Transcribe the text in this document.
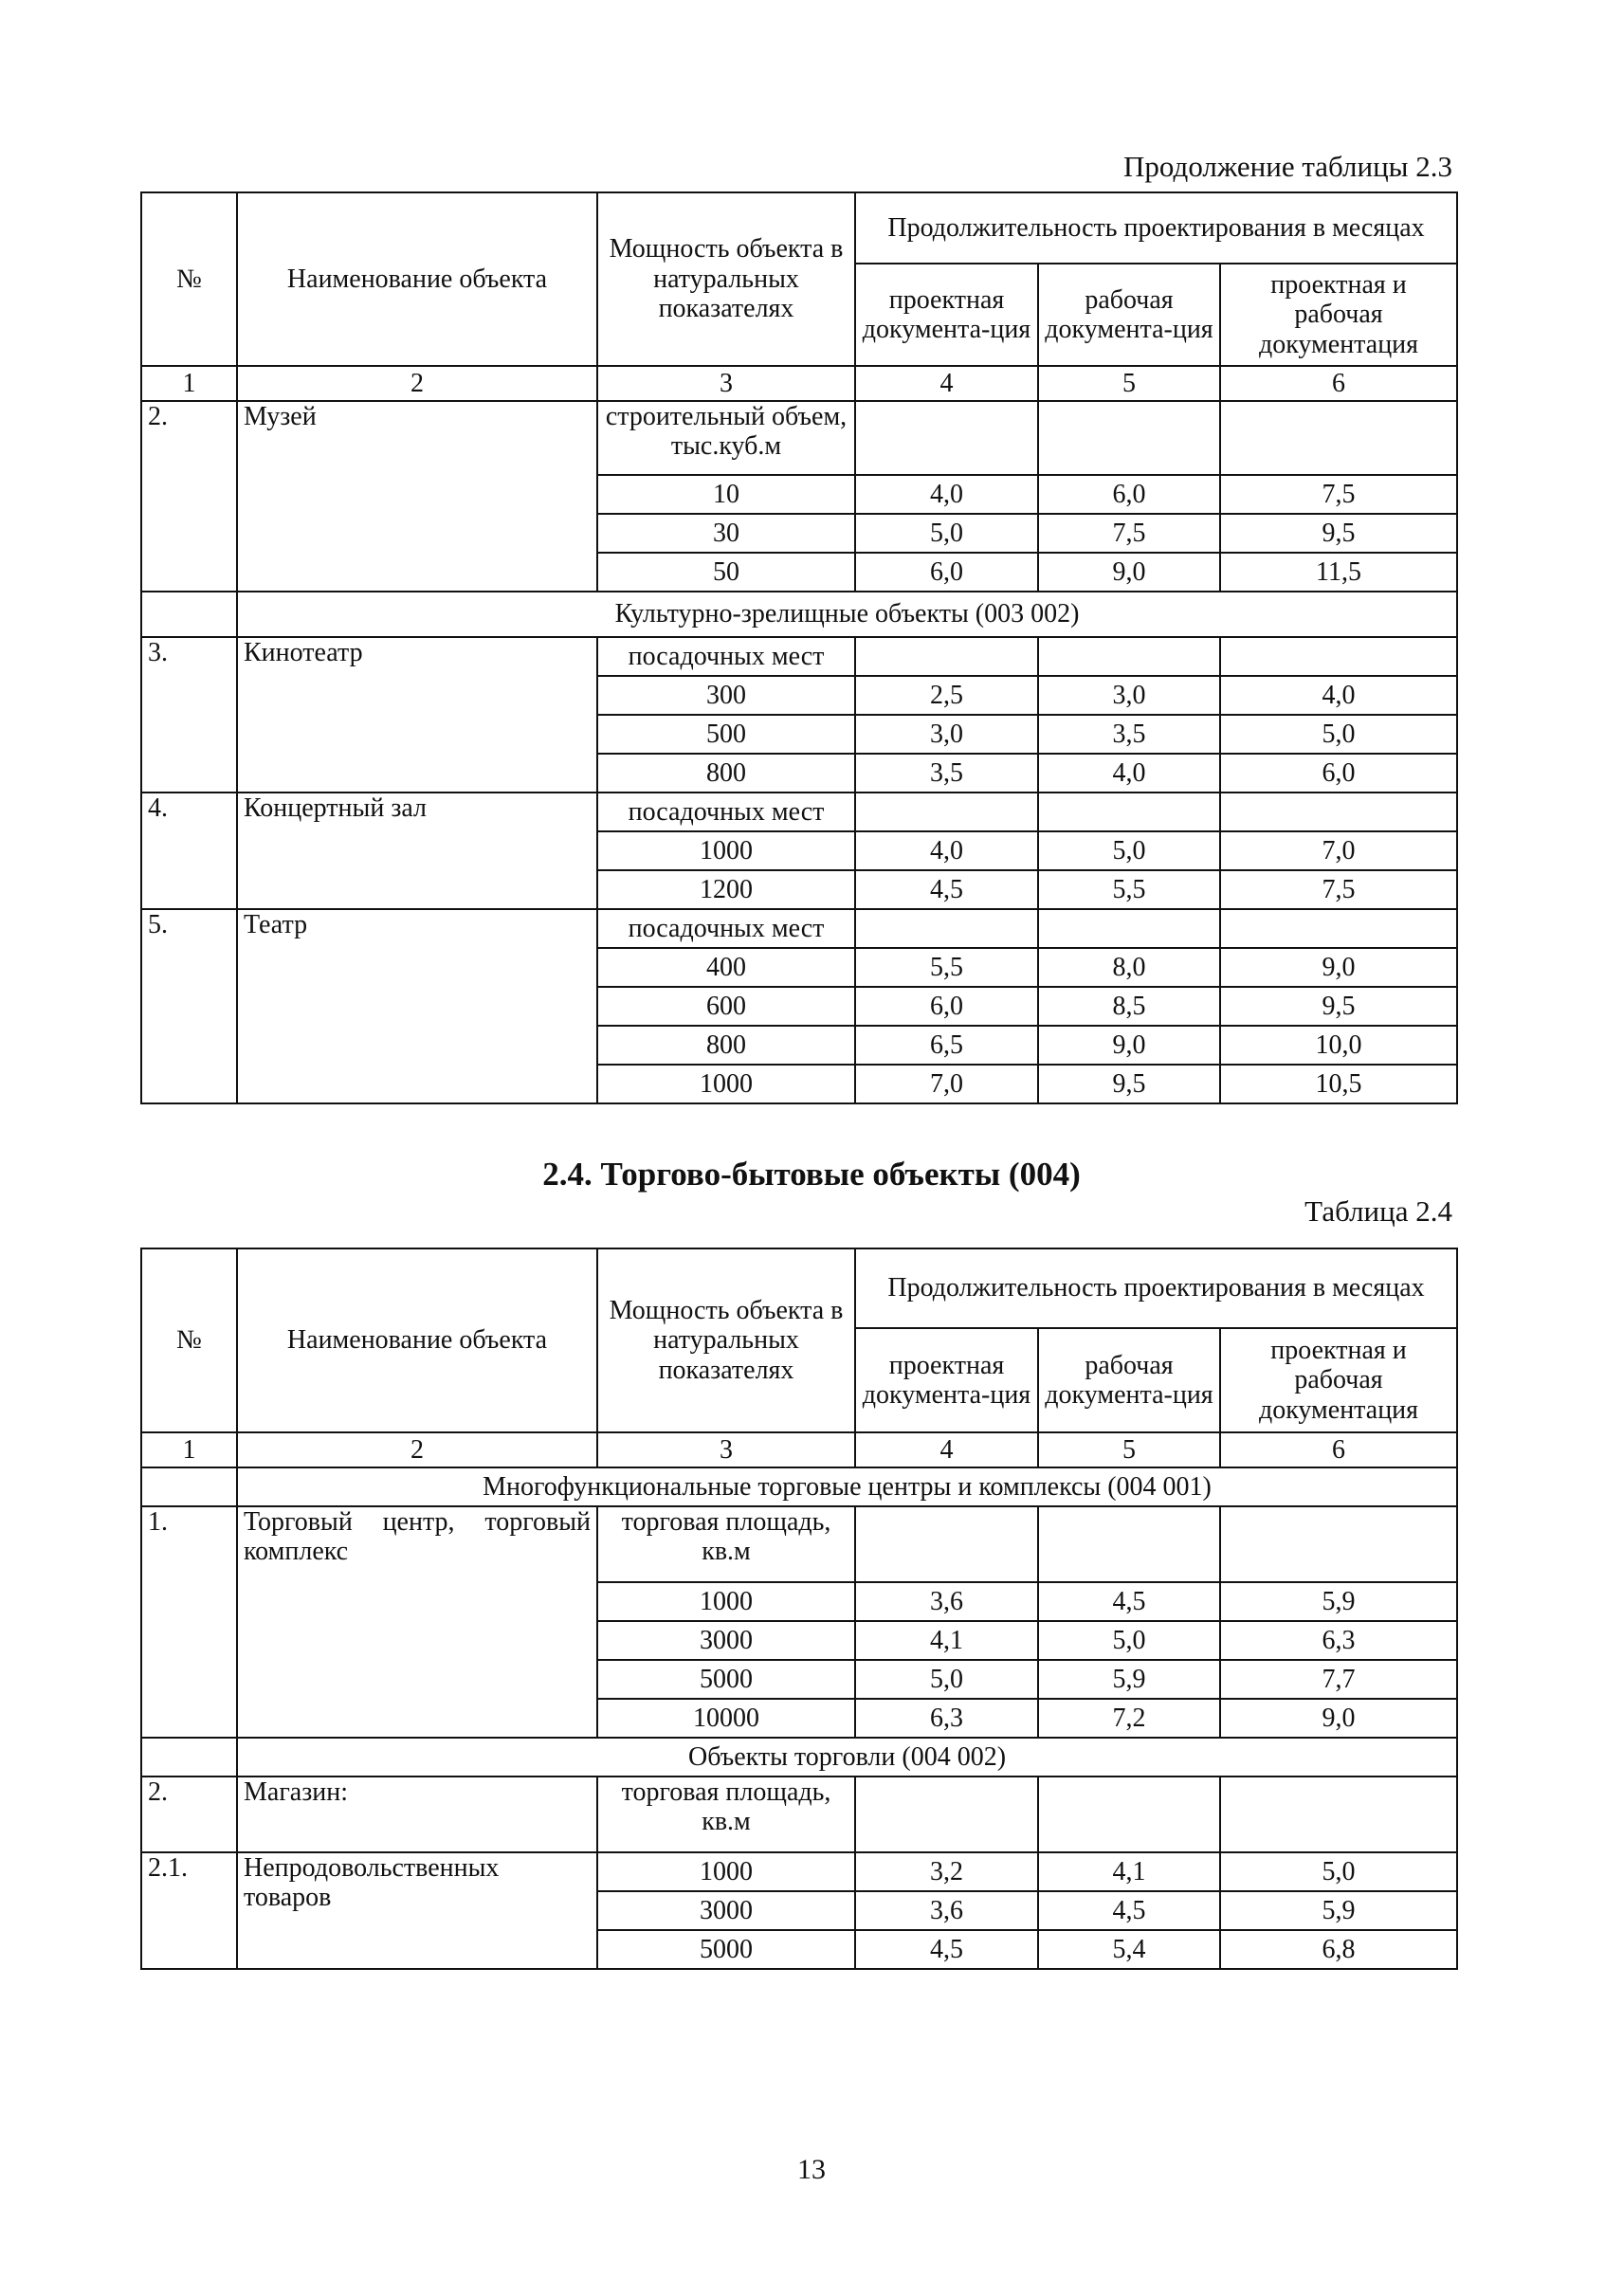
Продолжение таблицы 2.3
№	Наименование объекта	Мощность объекта в натуральных показателях	Продолжительность проектирования в месяцах		
			проектная документа-ция	рабочая документа-ция	проектная и рабочая документация
1	2	3	4	5	6
2.	Музей	строительный объем, тыс.куб.м			
		10	4,0	6,0	7,5
		30	5,0	7,5	9,5
		50	6,0	9,0	11,5
	Культурно-зрелищные объекты (003 002)				
3.	Кинотеатр	посадочных мест			
		300	2,5	3,0	4,0
		500	3,0	3,5	5,0
		800	3,5	4,0	6,0
4.	Концертный зал	посадочных мест			
		1000	4,0	5,0	7,0
		1200	4,5	5,5	7,5
5.	Театр	посадочных мест			
		400	5,5	8,0	9,0
		600	6,0	8,5	9,5
		800	6,5	9,0	10,0
		1000	7,0	9,5	10,5
2.4. Торгово-бытовые объекты (004)
Таблица 2.4
№	Наименование объекта	Мощность объекта в натуральных показателях	Продолжительность проектирования в месяцах		
			проектная документа-ция	рабочая документа-ция	проектная и рабочая документация
1	2	3	4	5	6
	Многофункциональные торговые центры и комплексы (004 001)				
1.	Торговый центр, торговый комплекс	торговая площадь, кв.м			
		1000	3,6	4,5	5,9
		3000	4,1	5,0	6,3
		5000	5,0	5,9	7,7
		10000	6,3	7,2	9,0
	Объекты торговли (004 002)				
2.	Магазин:	торговая площадь, кв.м			
2.1.	Непродовольственных товаров	1000	3,2	4,1	5,0
		3000	3,6	4,5	5,9
		5000	4,5	5,4	6,8
13
